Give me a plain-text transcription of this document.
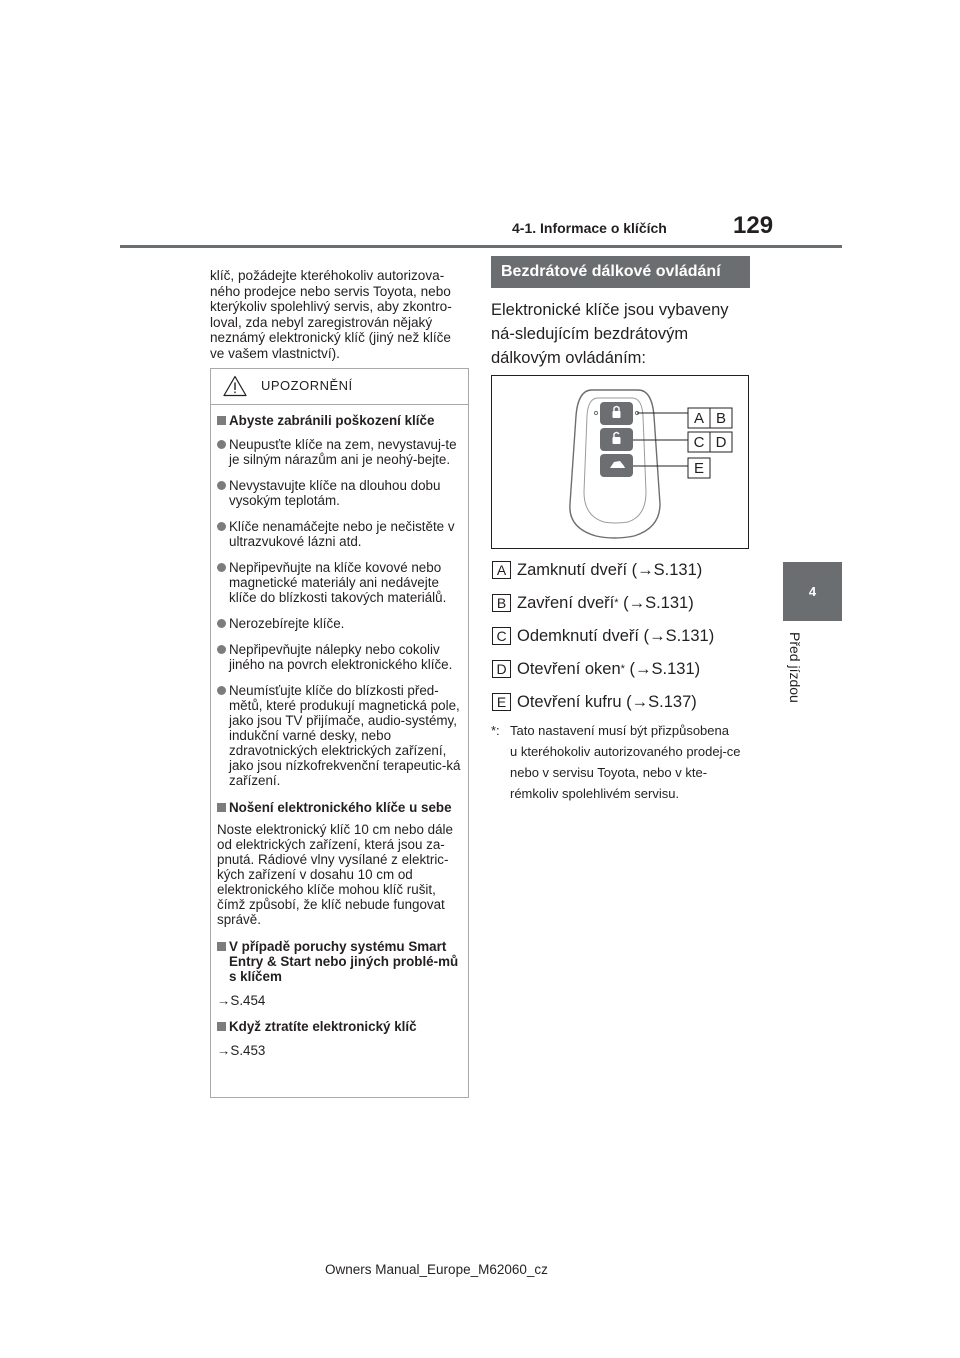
4-1. Informace o klíčích	129
4
Před jízdou
klíč, požádejte kteréhokoliv autorizova-ného prodejce nebo servis Toyota, nebo kterýkoliv spolehlivý servis, aby zkontro-loval, zda nebyl zaregistrován nějaký neznámý elektronický klíč (jiný než klíče ve vašem vlastnictví).
UPOZORNĚNÍ
Abyste zabránili poškození klíče
Neupusťte klíče na zem, nevystavuj-te je silným nárazům ani je neohý-bejte.
Nevystavujte klíče na dlouhou dobu vysokým teplotám.
Klíče nenamáčejte nebo je nečistěte v ultrazvukové lázni atd.
Nepřipevňujte na klíče kovové nebo magnetické materiály ani nedávejte klíče do blízkosti takových materiálů.
Nerozebírejte klíče.
Nepřipevňujte nálepky nebo cokoliv jiného na povrch elektronického klíče.
Neumísťujte klíče do blízkosti před-mětů, které produkují magnetická pole, jako jsou TV přijímače, audio-systémy, indukční varné desky, nebo zdravotnických elektrických zařízení, jako jsou nízkofrekvenční terapeutic-ká zařízení.
Nošení elektronického klíče u sebe
Noste elektronický klíč 10 cm nebo dále od elektrických zařízení, která jsou za-pnutá. Rádiové vlny vysílané z elektric-kých zařízení v dosahu 10 cm od elektronického klíče mohou klíč rušit, čímž způsobí, že klíč nebude fungovat správě.
V případě poruchy systému Smart Entry & Start nebo jiných problé-mů s klíčem
→S.454
Když ztratíte elektronický klíč
→S.453
Bezdrátové dálkové ovládání
Elektronické klíče jsou vybaveny ná-sledujícím bezdrátovým dálkovým ovládáním:
A B
C D
E
A Zamknutí dveří ( →S.131 )
B Zavření dveří * ( →S.131 )
C Odemknutí dveří ( →S.131 )
D Otevření oken * ( →S.131 )
E Otevření kufru ( →S.137 )
*: Tato nastavení musí být přizpůsobena
u kteréhokoliv autorizovaného prodej-ce nebo v servisu Toyota, nebo v kte-rémkoliv spolehlivém servisu.
Owners Manual_Europe_M62060_cz
